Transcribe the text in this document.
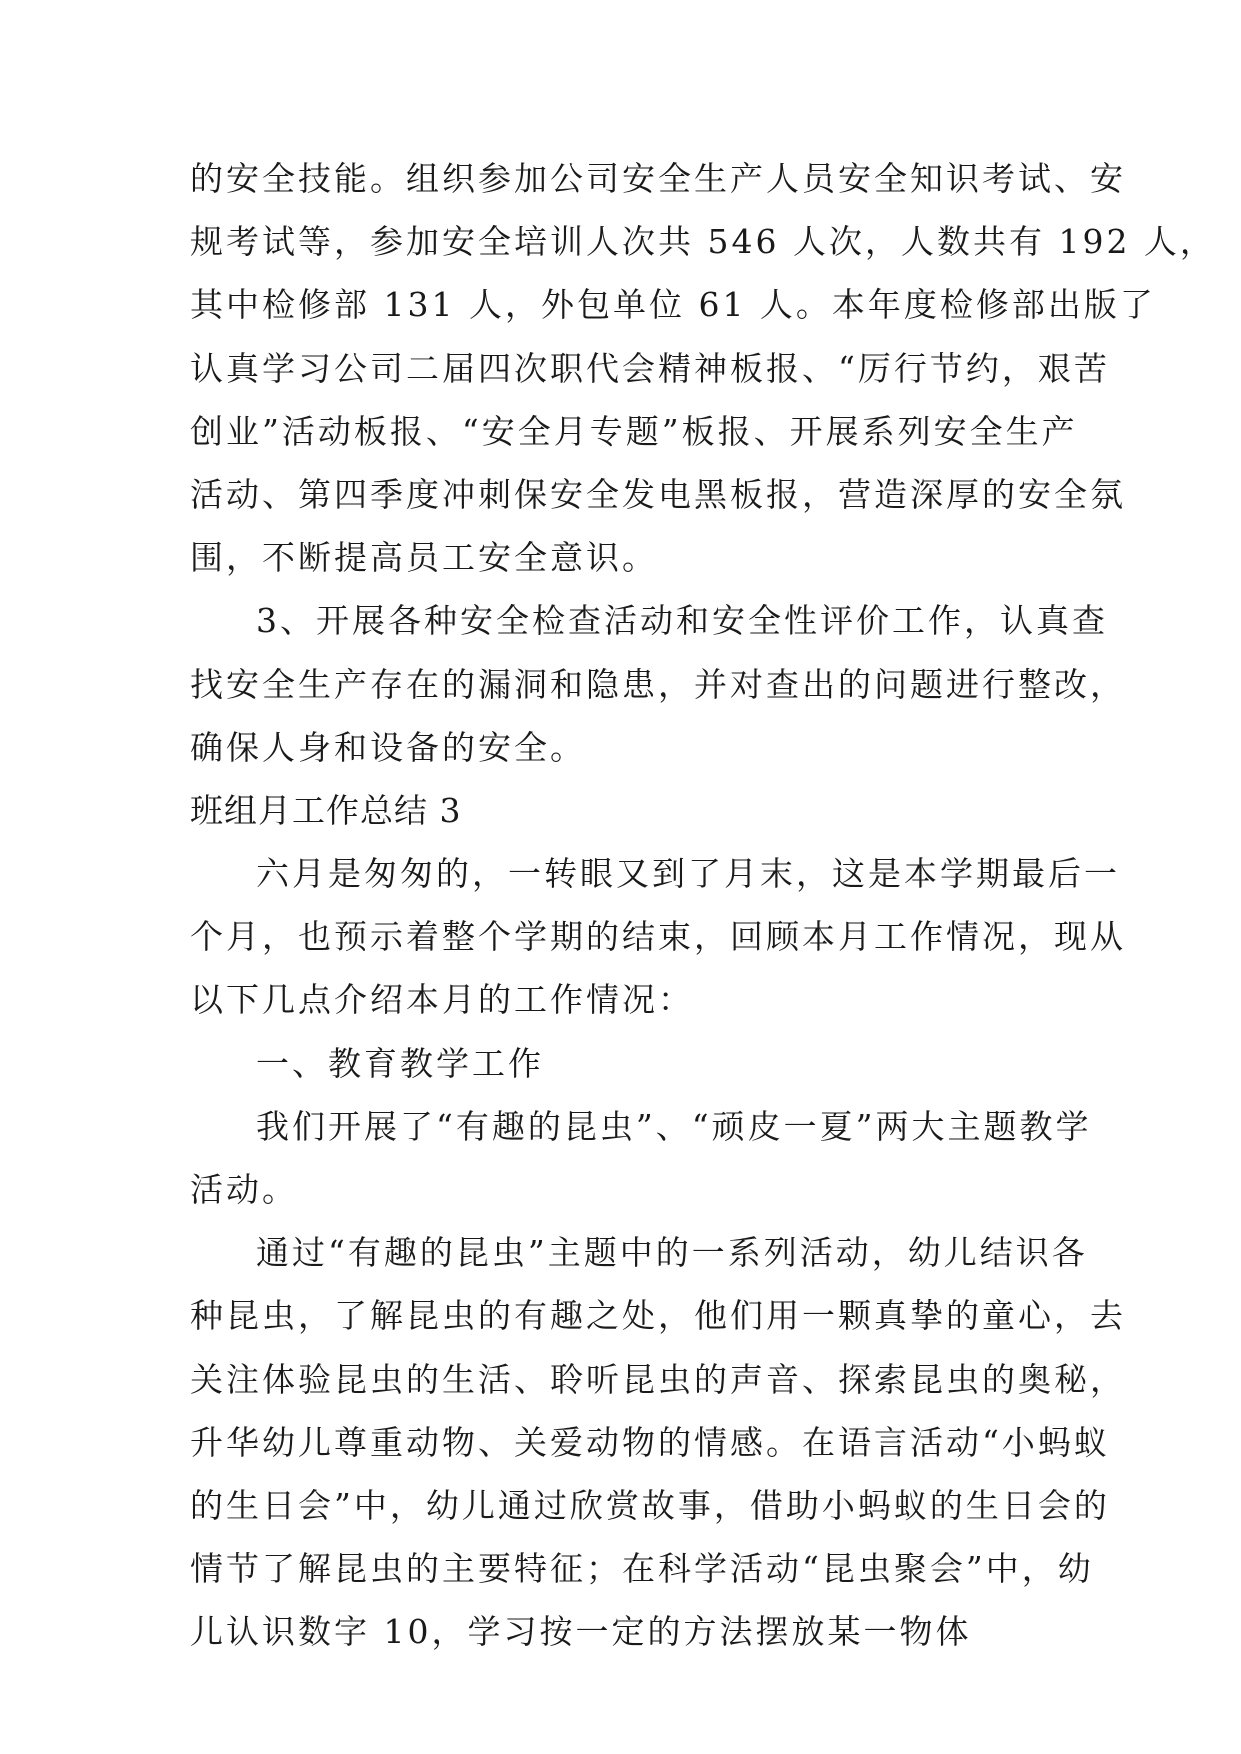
的安全技能。组织参加公司安全生产人员安全知识考试、安
规考试等，参加安全培训人次共 546 人次，人数共有 192 人，
其中检修部 131 人，外包单位 61 人。本年度检修部出版了
认真学习公司二届四次职代会精神板报、“厉行节约，艰苦
创业”活动板报、“安全月专题”板报、开展系列安全生产
活动、第四季度冲刺保安全发电黑板报，营造深厚的安全氛
围，不断提高员工安全意识。
3、开展各种安全检查活动和安全性评价工作，认真查
找安全生产存在的漏洞和隐患，并对查出的问题进行整改，
确保人身和设备的安全。
班组月工作总结 3
六月是匆匆的，一转眼又到了月末，这是本学期最后一
个月，也预示着整个学期的结束，回顾本月工作情况，现从
以下几点介绍本月的工作情况：
一、教育教学工作
我们开展了“有趣的昆虫”、“顽皮一夏”两大主题教学
活动。
通过“有趣的昆虫”主题中的一系列活动，幼儿结识各
种昆虫，了解昆虫的有趣之处，他们用一颗真挚的童心，去
关注体验昆虫的生活、聆听昆虫的声音、探索昆虫的奥秘，
升华幼儿尊重动物、关爱动物的情感。在语言活动“小蚂蚁
的生日会”中，幼儿通过欣赏故事，借助小蚂蚁的生日会的
情节了解昆虫的主要特征；在科学活动“昆虫聚会”中，幼
儿认识数字 10，学习按一定的方法摆放某一物体
